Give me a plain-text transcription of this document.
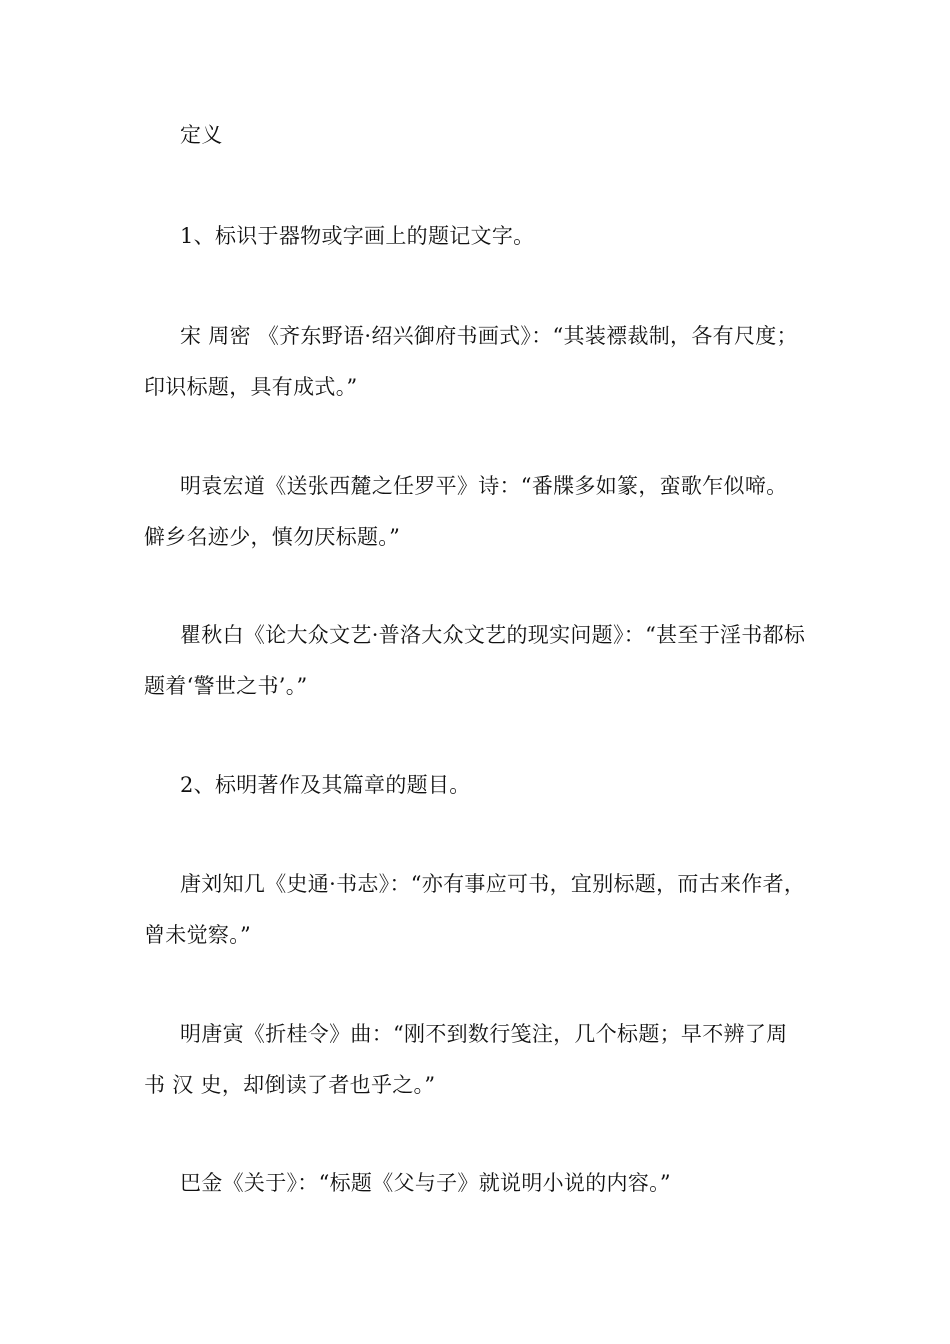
定义
1、标识于器物或字画上的题记文字。
宋 周密 《齐东野语·绍兴御府书画式》：“其装褾裁制，各有尺度；印识标题，具有成式。”
明袁宏道《送张西麓之任罗平》诗：“番牒多如篆，蛮歌乍似啼。僻乡名迹少，慎勿厌标题。”
瞿秋白《论大众文艺·普洛大众文艺的现实问题》：“甚至于淫书都标题着‘警世之书’。”
2、标明著作及其篇章的题目。
唐刘知几《史通·书志》：“亦有事应可书，宜别标题，而古来作者，曾未觉察。”
明唐寅《折桂令》曲：“刚不到数行笺注，几个标题；早不辨了周 书 汉 史，却倒读了者也乎之。”
巴金《关于》：“标题《父与子》就说明小说的内容。”
